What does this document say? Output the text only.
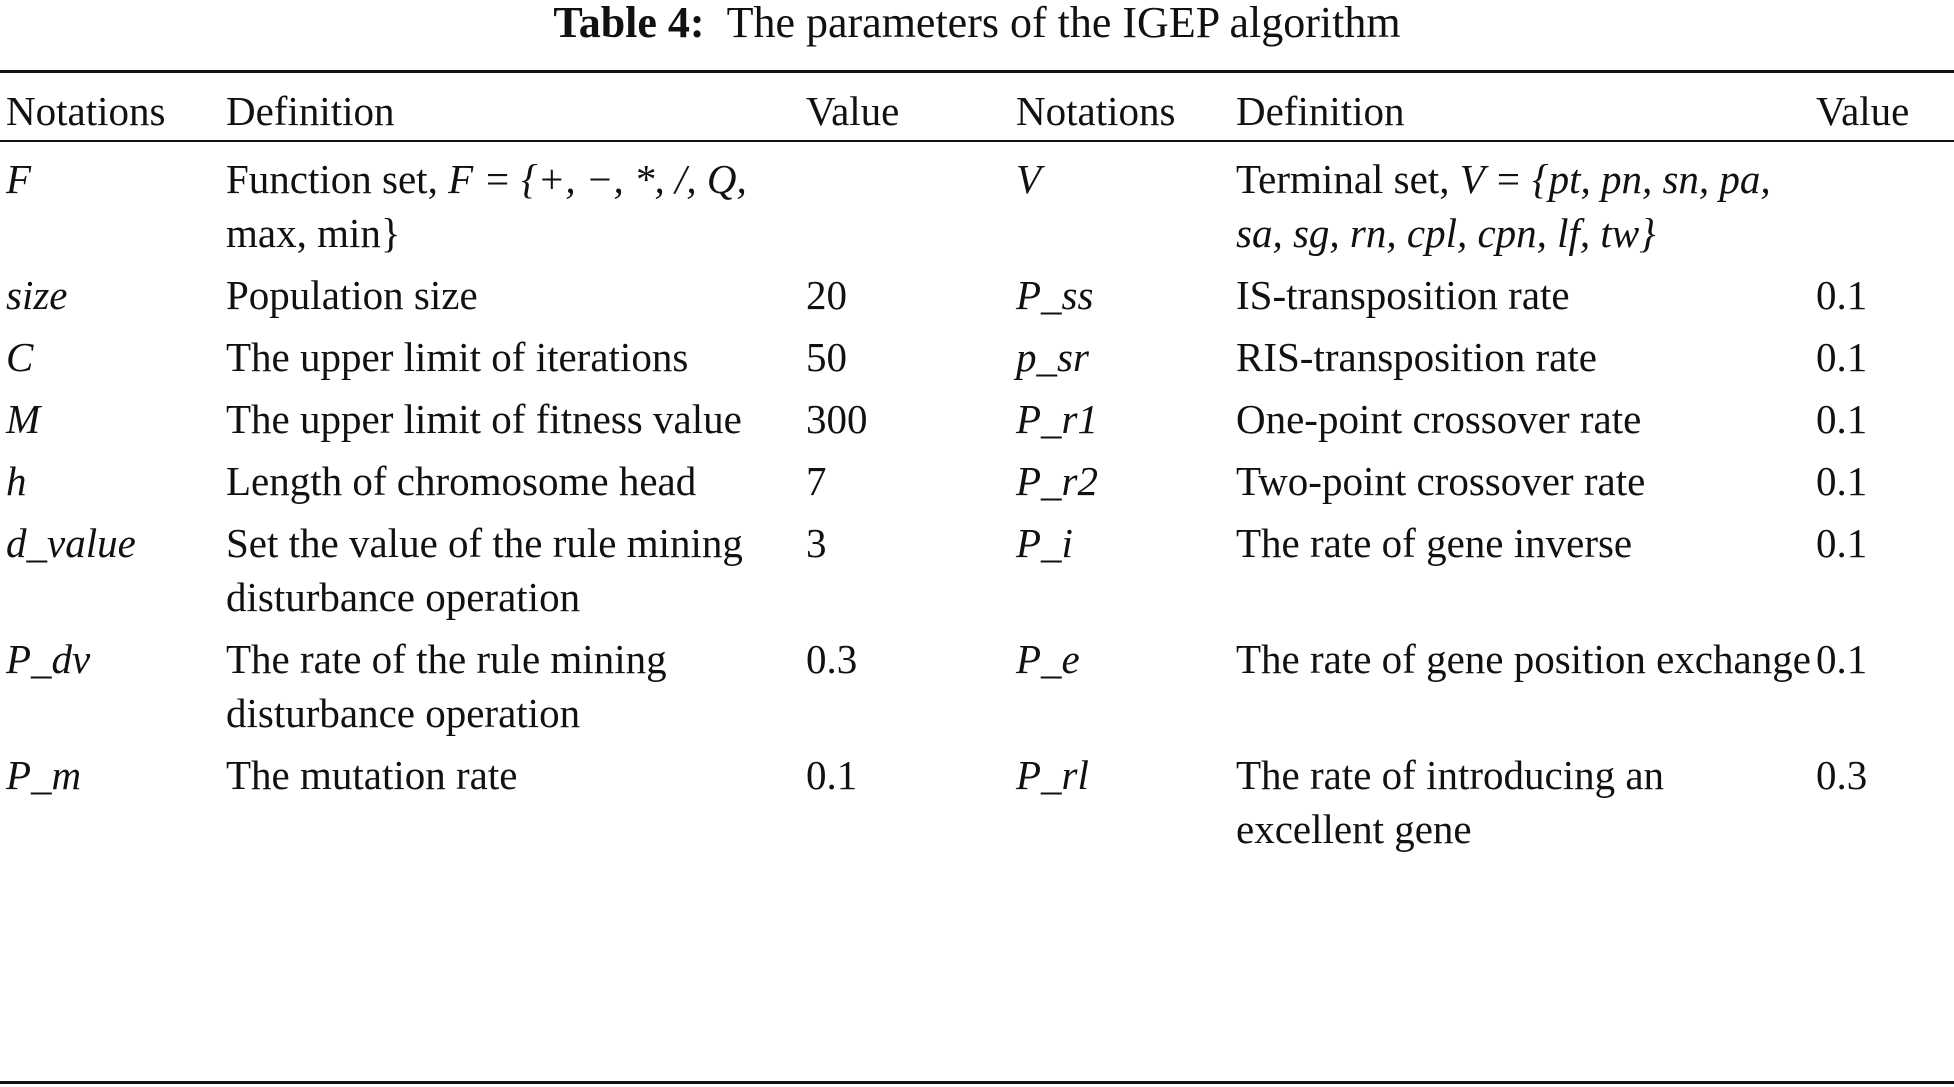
Table 4: The parameters of the IGEP algorithm
Notations	Definition	Value	Notations	Definition	Value
F	Function set, F = {+, −, *, /, Q, max, min}		V	Terminal set, V = {pt, pn, sn, pa, sa, sg, rn, cpl, cpn, lf, tw}	
size	Population size	20	P_ss	IS-transposition rate	0.1
C	The upper limit of iterations	50	p_sr	RIS-transposition rate	0.1
M	The upper limit of fitness value	300	P_r1	One-point crossover rate	0.1
h	Length of chromosome head	7	P_r2	Two-point crossover rate	0.1
d_value	Set the value of the rule mining disturbance operation	3	P_i	The rate of gene inverse	0.1
P_dv	The rate of the rule mining disturbance operation	0.3	P_e	The rate of gene position exchange	0.1
P_m	The mutation rate	0.1	P_rl	The rate of introducing an excellent gene	0.3
